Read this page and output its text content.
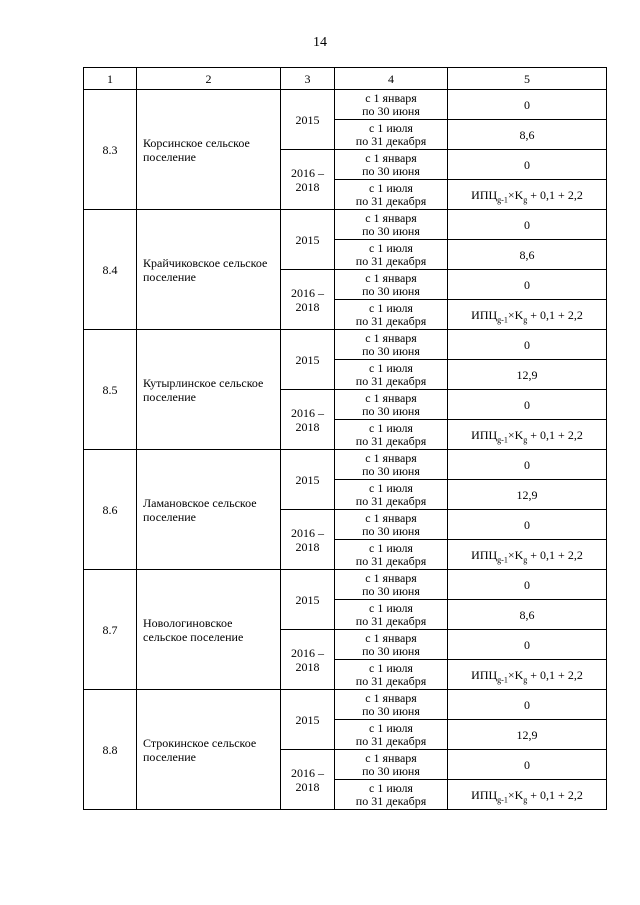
14
1	2	3	4	5
8.3	Корсинское сельское поселение	2015	с 1 января
по 30 июня	0

			с 1 июля
по 31 декабря	8,6
		2016 – 2018	с 1 января
по 30 июня	0

			с 1 июля
по 31 декабря	$ИПЦ_{g-1}\times K_g + 0,1 + 2,2$
8.4	Крайчиковское сельское поселение	2015	с 1 января
по 30 июня	0

			с 1 июля
по 31 декабря	8,6
		2016 – 2018	с 1 января
по 30 июня	0

			с 1 июля
по 31 декабря	$ИПЦ_{g-1}\times K_g + 0,1 + 2,2$
8.5	Кутырлинское сельское поселение	2015	с 1 января
по 30 июня	0

			с 1 июля
по 31 декабря	12,9
		2016 – 2018	с 1 января
по 30 июня	0

			с 1 июля
по 31 декабря	$ИПЦ_{g-1}\times K_g + 0,1 + 2,2$
8.6	Ламановское сельское поселение	2015	с 1 января
по 30 июня	0

			с 1 июля
по 31 декабря	12,9
		2016 – 2018	с 1 января
по 30 июня	0

			с 1 июля
по 31 декабря	$ИПЦ_{g-1}\times K_g + 0,1 + 2,2$
8.7	Новологиновское сельское поселение	2015	с 1 января
по 30 июня	0

			с 1 июля
по 31 декабря	8,6
		2016 – 2018	с 1 января
по 30 июня	0

			с 1 июля
по 31 декабря	$ИПЦ_{g-1}\times K_g + 0,1 + 2,2$
8.8	Строкинское сельское поселение	2015	с 1 января
по 30 июня	0

			с 1 июля
по 31 декабря	12,9
		2016 – 2018	с 1 января
по 30 июня	0

			с 1 июля
по 31 декабря	$ИПЦ_{g-1}\times K_g + 0,1 + 2,2$
